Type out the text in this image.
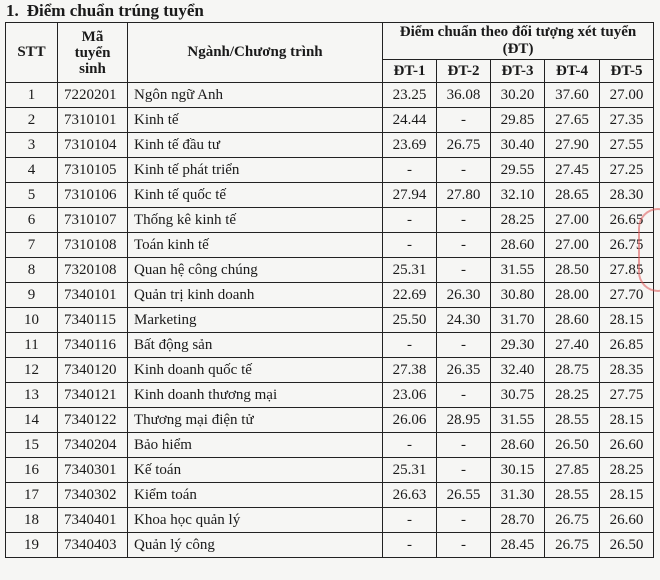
1. Điểm chuẩn trúng tuyển
STT	Mã
tuyển
sinh	Ngành/Chương trình	Điểm chuẩn theo đối tượng xét tuyển
(ĐT)				

			ĐT-1	ĐT-2	ĐT-3	ĐT-4	ĐT-5
1	7220201	Ngôn ngữ Anh	23.25	36.08	30.20	37.60	27.00
2	7310101	Kinh tế	24.44	-	29.85	27.65	27.35
3	7310104	Kinh tế đầu tư	23.69	26.75	30.40	27.90	27.55
4	7310105	Kinh tế phát triển	-	-	29.55	27.45	27.25
5	7310106	Kinh tế quốc tế	27.94	27.80	32.10	28.65	28.30
6	7310107	Thống kê kinh tế	-	-	28.25	27.00	26.65
7	7310108	Toán kinh tế	-	-	28.60	27.00	26.75
8	7320108	Quan hệ công chúng	25.31	-	31.55	28.50	27.85
9	7340101	Quản trị kinh doanh	22.69	26.30	30.80	28.00	27.70
10	7340115	Marketing	25.50	24.30	31.70	28.60	28.15
11	7340116	Bất động sản	-	-	29.30	27.40	26.85
12	7340120	Kinh doanh quốc tế	27.38	26.35	32.40	28.75	28.35
13	7340121	Kinh doanh thương mại	23.06	-	30.75	28.25	27.75
14	7340122	Thương mại điện tử	26.06	28.95	31.55	28.55	28.15
15	7340204	Bảo hiểm	-	-	28.60	26.50	26.60
16	7340301	Kế toán	25.31	-	30.15	27.85	28.25
17	7340302	Kiểm toán	26.63	26.55	31.30	28.55	28.15
18	7340401	Khoa học quản lý	-	-	28.70	26.75	26.60
19	7340403	Quản lý công	-	-	28.45	26.75	26.50
